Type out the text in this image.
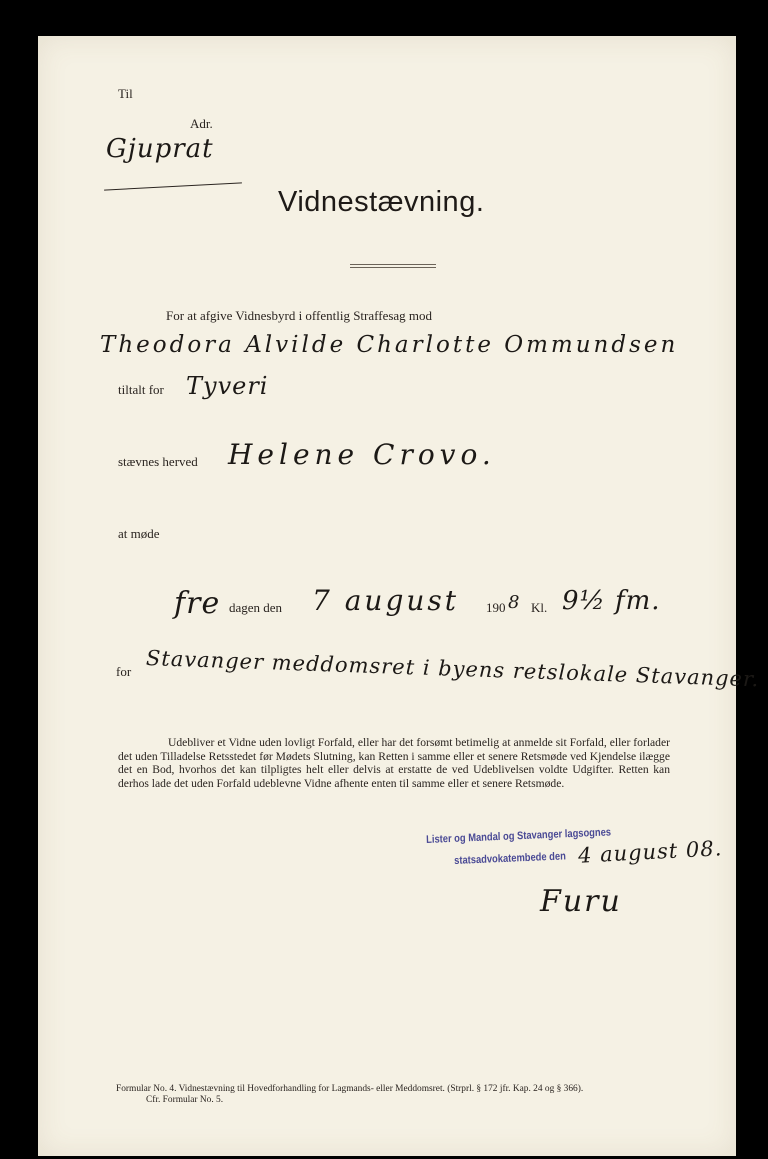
Til
Adr.
Gjuprat
Vidnestævning.
For at afgive Vidnesbyrd i offentlig Straffesag mod
Theodora Alvilde Charlotte Ommundsen
tiltalt for Tyveri
stævnes herved Helene Crovo.
at møde
fre dagen den 7 august 190 8 Kl. 9½ fm.
for Stavanger meddomsret i byens retslokale Stavanger.
Udebliver et Vidne uden lovligt Forfald, eller har det forsømt betimelig at anmelde sit Forfald, eller forlader det uden Tilladelse Retsstedet før Mødets Slutning, kan Retten i samme eller et senere Retsmøde ved Kjendelse ilægge det en Bod, hvorhos det kan tilpligtes helt eller delvis at erstatte de ved Udeblivelsen voldte Udgifter. Retten kan derhos lade det uden Forfald udeblevne Vidne afhente enten til samme eller et senere Retsmøde.
Lister og Mandal og Stavanger lagsognes
statsadvokatembede den 4 august 08.
Furu
Formular No. 4. Vidnestævning til Hovedforhandling for Lagmands- eller Meddomsret. (Strprl. § 172 jfr. Kap. 24 og § 366).
Cfr. Formular No. 5.
